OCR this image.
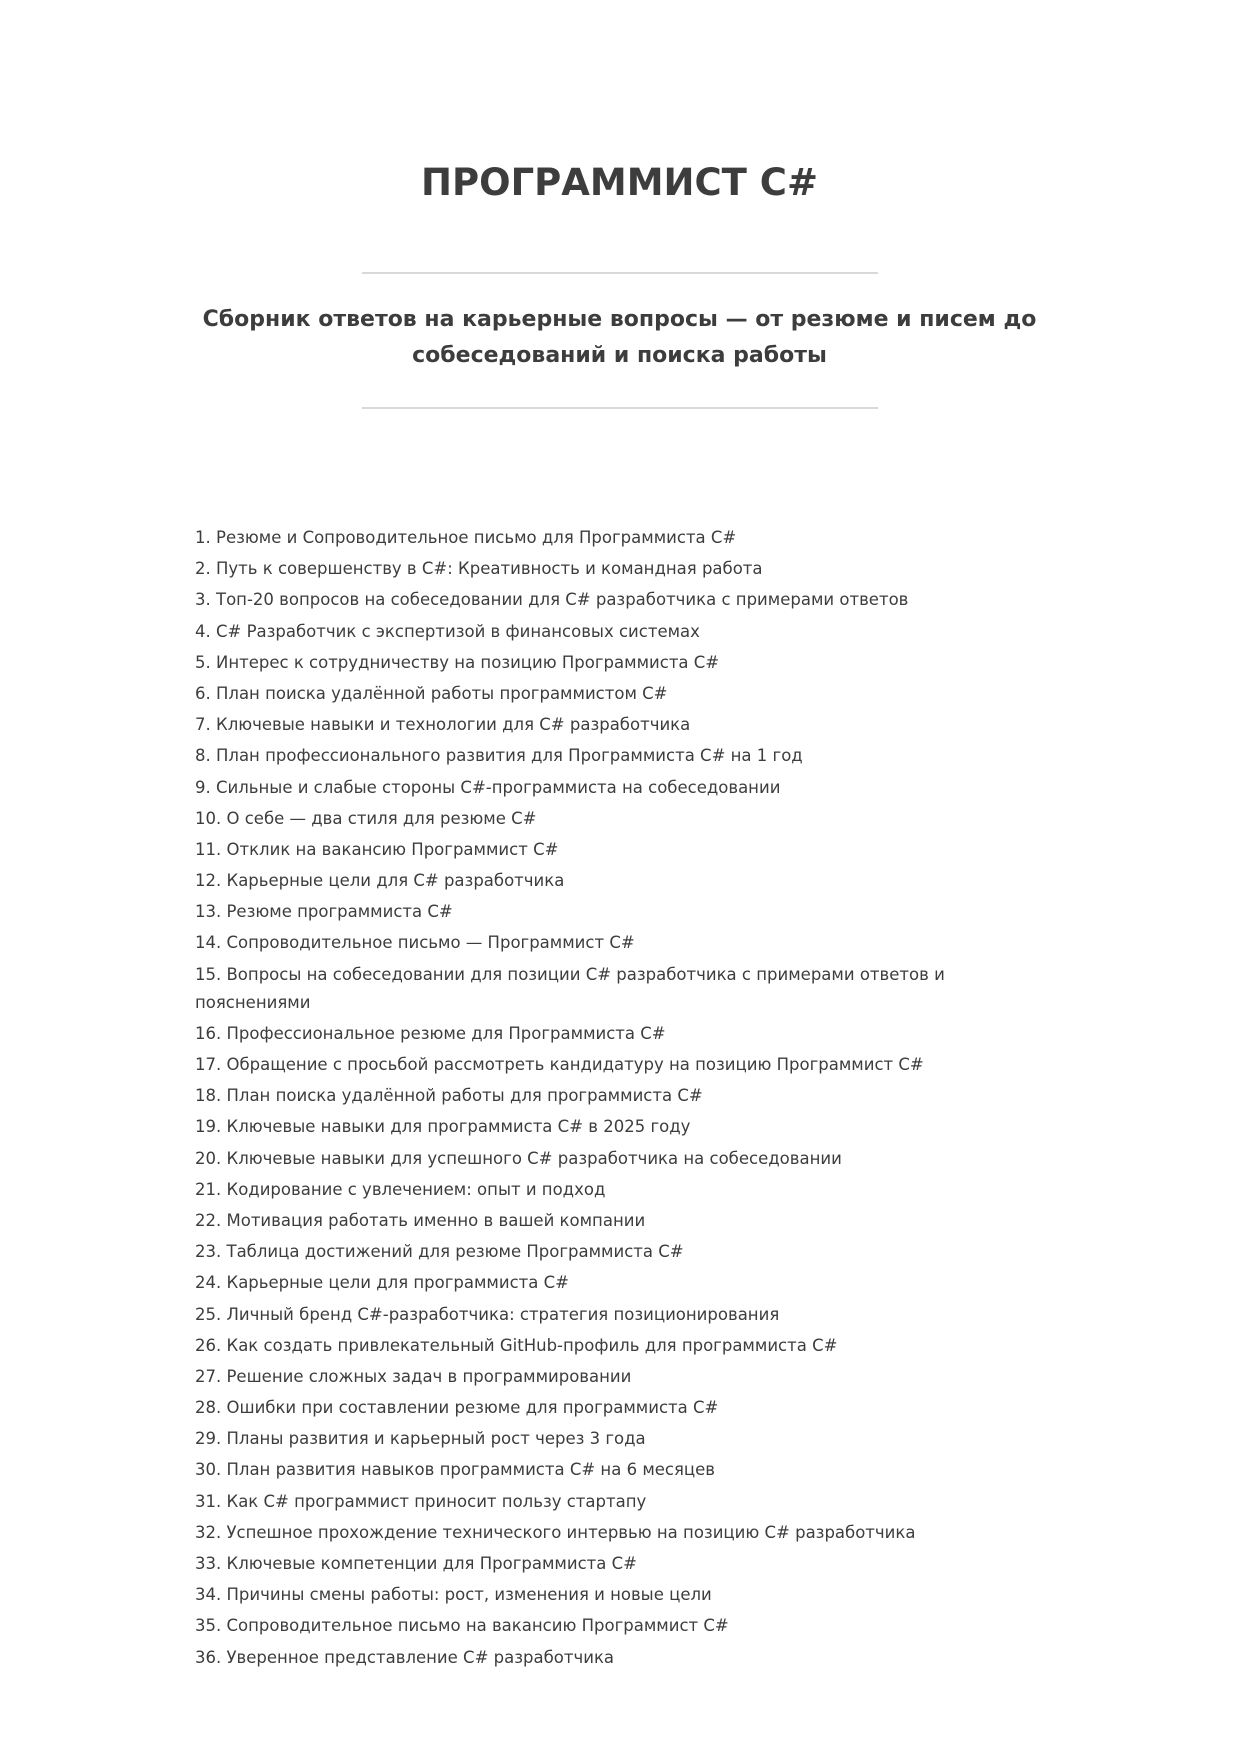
ПРОГРАММИСТ C#

Сборник ответов на карьерные вопросы — от резюме и писем до собеседований и поиска работы

1. Резюме и Сопроводительное письмо для Программиста C#
2. Путь к совершенству в C#: Креативность и командная работа
3. Топ-20 вопросов на собеседовании для C# разработчика с примерами ответов
4. C# Разработчик с экспертизой в финансовых системах
5. Интерес к сотрудничеству на позицию Программиста C#
6. План поиска удалённой работы программистом C#
7. Ключевые навыки и технологии для C# разработчика
8. План профессионального развития для Программиста C# на 1 год
9. Сильные и слабые стороны C#-программиста на собеседовании
10. О себе — два стиля для резюме C#
11. Отклик на вакансию Программист C#
12. Карьерные цели для C# разработчика
13. Резюме программиста C#
14. Сопроводительное письмо — Программист C#
15. Вопросы на собеседовании для позиции C# разработчика с примерами ответов и пояснениями
16. Профессиональное резюме для Программиста C#
17. Обращение с просьбой рассмотреть кандидатуру на позицию Программист C#
18. План поиска удалённой работы для программиста C#
19. Ключевые навыки для программиста C# в 2025 году
20. Ключевые навыки для успешного C# разработчика на собеседовании
21. Кодирование с увлечением: опыт и подход
22. Мотивация работать именно в вашей компании
23. Таблица достижений для резюме Программиста C#
24. Карьерные цели для программиста C#
25. Личный бренд C#-разработчика: стратегия позиционирования
26. Как создать привлекательный GitHub-профиль для программиста C#
27. Решение сложных задач в программировании
28. Ошибки при составлении резюме для программиста C#
29. Планы развития и карьерный рост через 3 года
30. План развития навыков программиста C# на 6 месяцев
31. Как C# программист приносит пользу стартапу
32. Успешное прохождение технического интервью на позицию C# разработчика
33. Ключевые компетенции для Программиста C#
34. Причины смены работы: рост, изменения и новые цели
35. Сопроводительное письмо на вакансию Программист C#
36. Уверенное представление C# разработчика
